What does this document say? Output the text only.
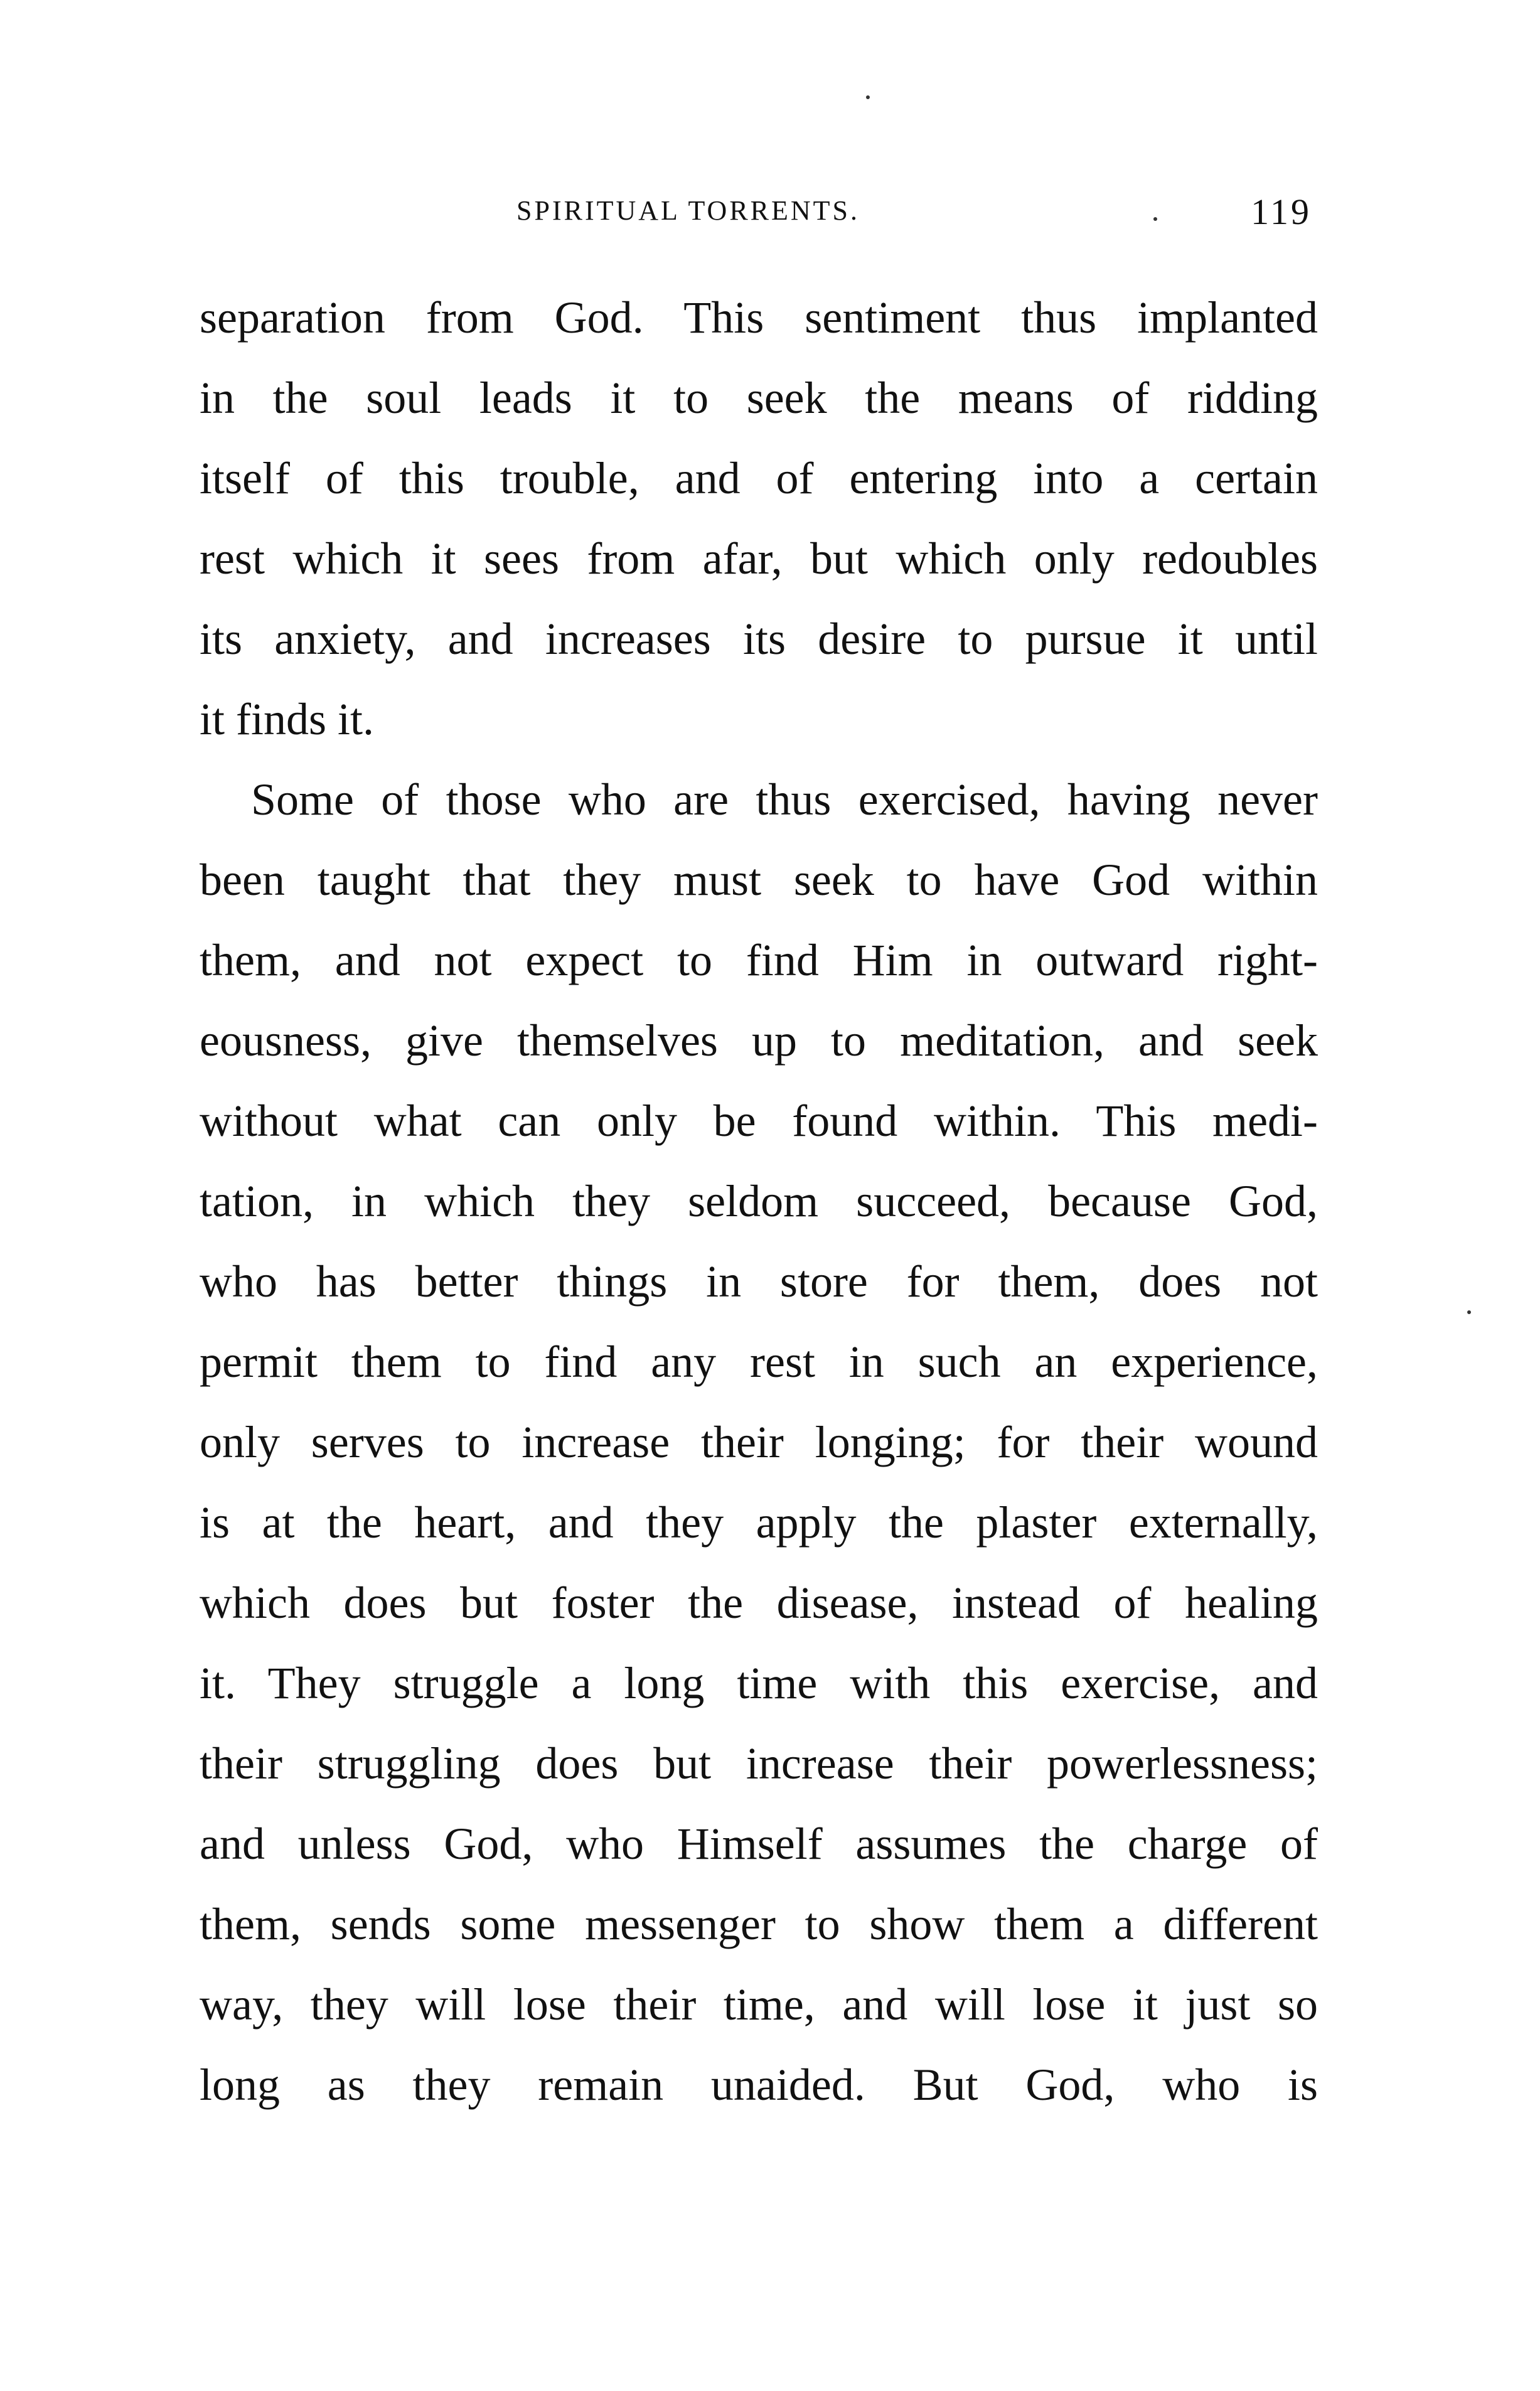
SPIRITUAL TORRENTS.	119
separation from God. This sentiment thus implanted
in the soul leads it to seek the means of ridding
itself of this trouble, and of entering into a certain
rest which it sees from afar, but which only redoubles
its anxiety, and increases its desire to pursue it until
it finds it.
Some of those who are thus exercised, having never
been taught that they must seek to have God within
them, and not expect to find Him in outward right-
eousness, give themselves up to meditation, and seek
without what can only be found within. This medi-
tation, in which they seldom succeed, because God,
who has better things in store for them, does not
permit them to find any rest in such an experience,
only serves to increase their longing; for their wound
is at the heart, and they apply the plaster externally,
which does but foster the disease, instead of healing
it. They struggle a long time with this exercise, and
their struggling does but increase their powerlessness;
and unless God, who Himself assumes the charge of
them, sends some messenger to show them a different
way, they will lose their time, and will lose it just so
long as they remain unaided. But God, who is
